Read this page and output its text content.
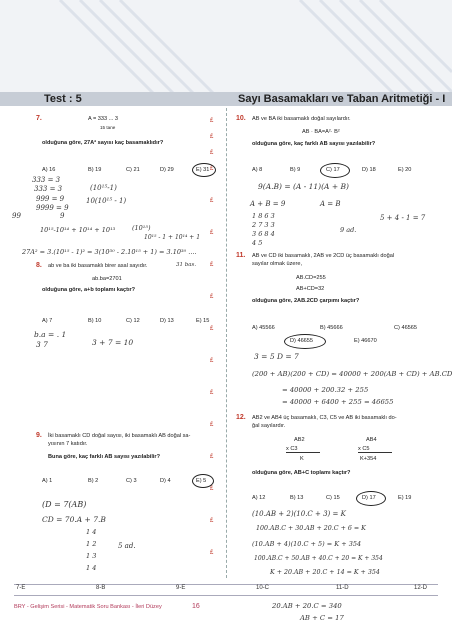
Test : 5	Sayı Basamakları ve Taban Aritmetiği - I
£
£
£
£
£
£
£
£
£
£
£
£
£
£
£
£
7.	A = 333 ... 3
15 tane
olduğuna göre, 27A² sayısı kaç basamaklıdır?
A) 16	B) 19	C) 21	D) 29	E) 31
333 = 3
333 = 3	(10¹⁵-1)
999 = 9
9999 = 9
10(10¹⁵ - 1)
99	9
10¹⁵-10¹⁴ + 10¹⁴ + 10¹³	(10¹⁵)
10¹⁵ - 1 + 10¹⁴ + 1
27A² = 3.(10¹⁵ - 1)² = 3(10³⁰ - 2.10¹⁵ + 1) = 3.10³⁰ ....
31 bas.
8. ab ve ba iki basamaklı birer asal sayıdır.
ab.ba=2701
olduğuna göre, a+b toplamı kaçtır?
A) 7	B) 10	C) 12	D) 13	E) 15
b.a = . 1
3 7	3 + 7 = 10
9. İki basamaklı CD doğal sayısı, iki basamaklı AB doğal sa-
yısının 7 katıdır.
Buna göre, kaç farklı AB sayısı yazılabilir?
A) 1	B) 2	C) 3	D) 4	E) 5
(D = 7(AB)
CD = 70.A + 7.B
1 4
1 2
1 3
1 4
5 ad.
10. AB ve BA iki basamaklı doğal sayılardır.
AB · BA=A²· B²
olduğuna göre, kaç farklı AB sayısı yazılabilir?
A) 8	B) 9	C) 17	D) 18	E) 20
9(A.B) = (A - 11)(A + B)
A + B = 9	A = B
1 8 6 3
2 7 3 3
3 6 8 4
4 5
9 ad.
5 + 4 - 1 = 7
11. AB ve CD iki basamaklı, 2AB ve 2CD üç basamaklı doğal
sayılar olmak üzere,
AB.CD=255
AB+CD=32
olduğuna göre, 2AB.2CD çarpımı kaçtır?
A) 45566	B) 45666	C) 46565
D) 46655	E) 46670
3 = 5 D = 7
(200 + AB)(200 + CD) = 40000 + 200(AB + CD) + AB.CD
= 40000 + 200.32 + 255
= 40000 + 6400 + 255 = 46655
12. AB2 ve AB4 üç basamaklı, C3, C5 ve AB iki basamaklı do-
ğal sayılardır.
AB2
x C3
K
AB4
x C5
K+354
olduğuna göre, AB+C toplamı kaçtır?
A) 12	B) 13	C) 15	D) 17	E) 19
(10.AB + 2)(10.C + 3) = K
100.AB.C + 30.AB + 20.C + 6 = K
(10.AB + 4)(10.C + 5) = K + 354
100.AB.C + 50.AB + 40.C + 20 = K + 354
K + 20.AB + 20.C + 14 = K + 354
20.AB + 20.C = 340
AB + C = 17
7-E	8-B	9-E	10-C	11-D	12-D
BRY - Gelişim Serisi - Matematik Soru Bankası - İleri Düzey	16
